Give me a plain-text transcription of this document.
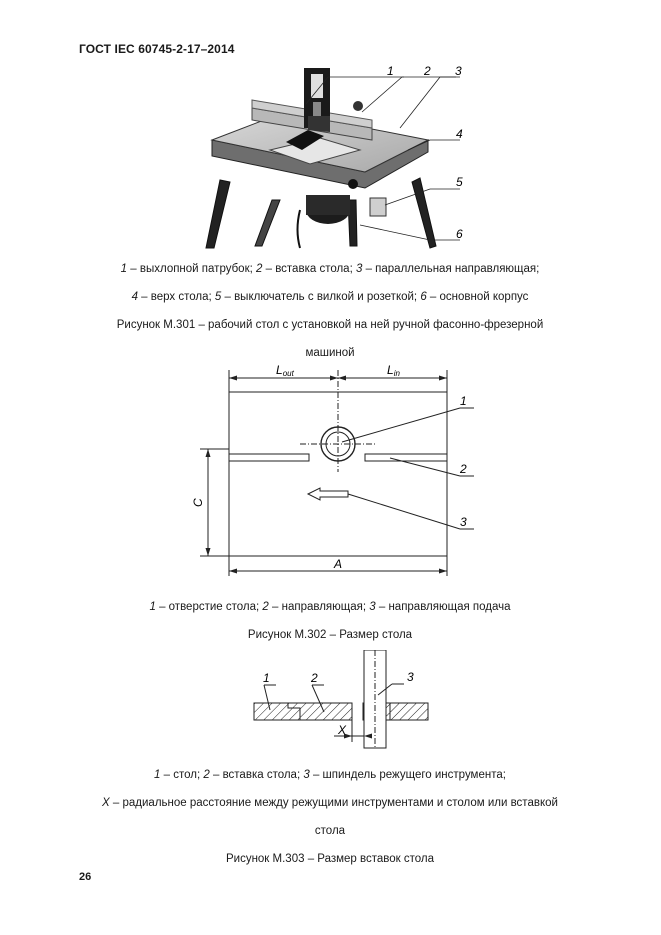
ГОСТ IEC 60745-2-17–2014
1	2 3
4
5
6
1 – выхлопной патрубок; 2 – вставка стола; 3 – параллельная направляющая;
4 – верх стола; 5 – выключатель с вилкой и розеткой; 6 – основной корпус
Рисунок М.301 – рабочий стол с установкой на ней ручной фасонно-фрезерной
машиной
Lout	Lin
C
A
1
2
3
1 – отверстие стола; 2 – направляющая; 3 – направляющая подача
Рисунок М.302 – Размер стола
1	2	3
X
1 – стол; 2 – вставка стола; 3 – шпиндель режущего инструмента;
X – радиальное расстояние между режущими инструментами и столом или вставкой
стола
Рисунок М.303 – Размер вставок стола
26
